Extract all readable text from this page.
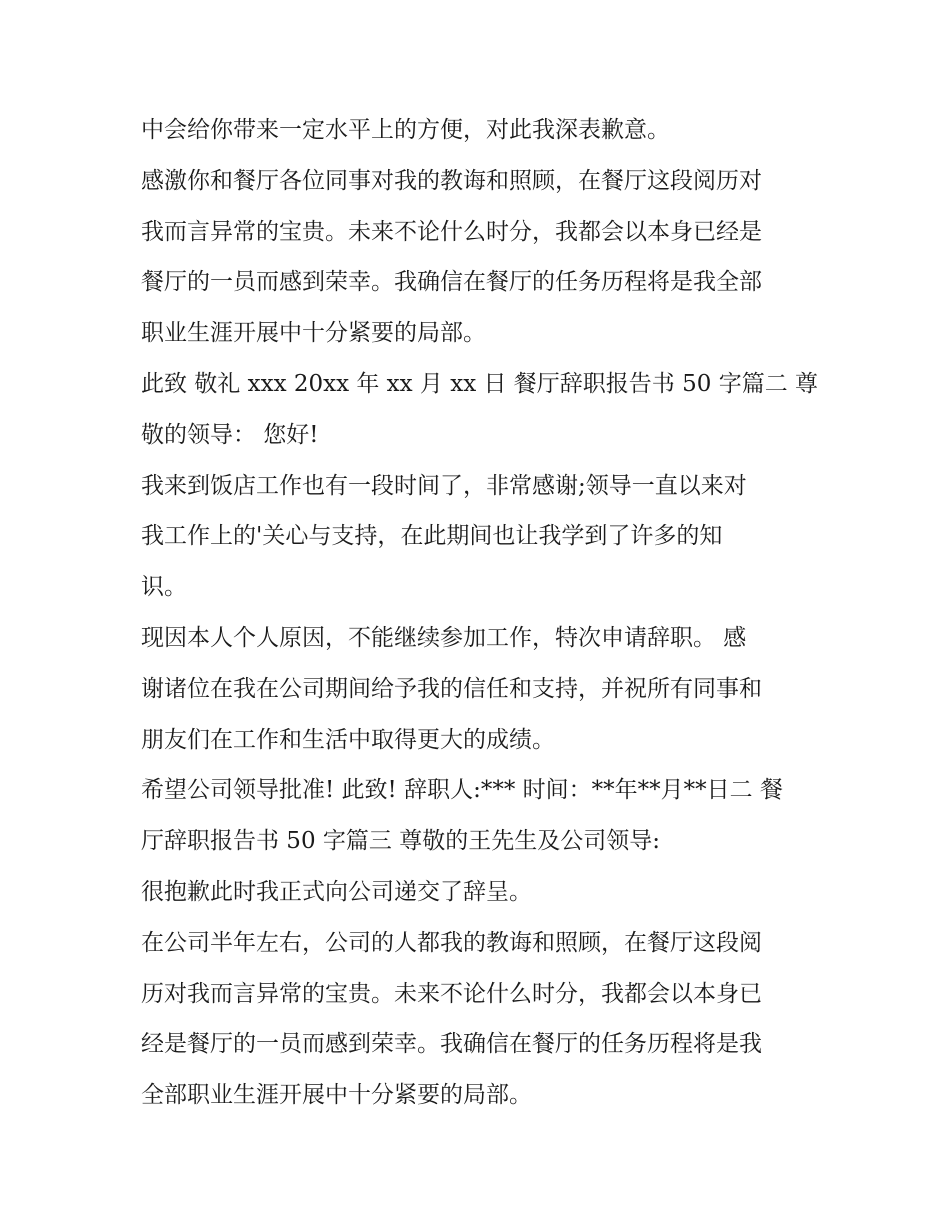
中会给你带来一定水平上的方便，对此我深表歉意。
感激你和餐厅各位同事对我的教诲和照顾，在餐厅这段阅历对
我而言异常的宝贵。未来不论什么时分，我都会以本身已经是
餐厅的一员而感到荣幸。我确信在餐厅的任务历程将是我全部
职业生涯开展中十分紧要的局部。
此致 敬礼 xxx 20xx 年 xx 月 xx 日 餐厅辞职报告书 50 字篇二 尊
敬的领导： 您好!
我来到饭店工作也有一段时间了，非常感谢;领导一直以来对
我工作上的'关心与支持，在此期间也让我学到了许多的知
识。
现因本人个人原因，不能继续参加工作，特次申请辞职。 感
谢诸位在我在公司期间给予我的信任和支持，并祝所有同事和
朋友们在工作和生活中取得更大的成绩。
希望公司领导批准! 此致! 辞职人:*** 时间：**年**月**日二 餐
厅辞职报告书 50 字篇三 尊敬的王先生及公司领导:
很抱歉此时我正式向公司递交了辞呈。
在公司半年左右，公司的人都我的教诲和照顾，在餐厅这段阅
历对我而言异常的宝贵。未来不论什么时分，我都会以本身已
经是餐厅的一员而感到荣幸。我确信在餐厅的任务历程将是我
全部职业生涯开展中十分紧要的局部。
